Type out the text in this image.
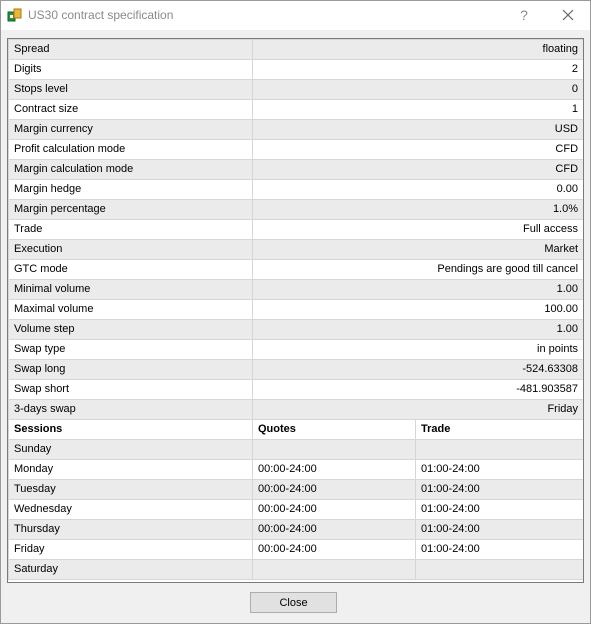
US30 contract specification	?
Spread	floating	
Digits	2	
Stops level	0	
Contract size	1	
Margin currency	USD	
Profit calculation mode	CFD	
Margin calculation mode	CFD	
Margin hedge	0.00	
Margin percentage	1.0%	
Trade	Full access	
Execution	Market	
GTC mode	Pendings are good till cancel	
Minimal volume	1.00	
Maximal volume	100.00	
Volume step	1.00	
Swap type	in points	
Swap long	-524.63308	
Swap short	-481.903587	
3-days swap	Friday	
Sessions	Quotes	Trade
Sunday		
Monday	00:00-24:00	01:00-24:00
Tuesday	00:00-24:00	01:00-24:00
Wednesday	00:00-24:00	01:00-24:00
Thursday	00:00-24:00	01:00-24:00
Friday	00:00-24:00	01:00-24:00
Saturday		
Close
